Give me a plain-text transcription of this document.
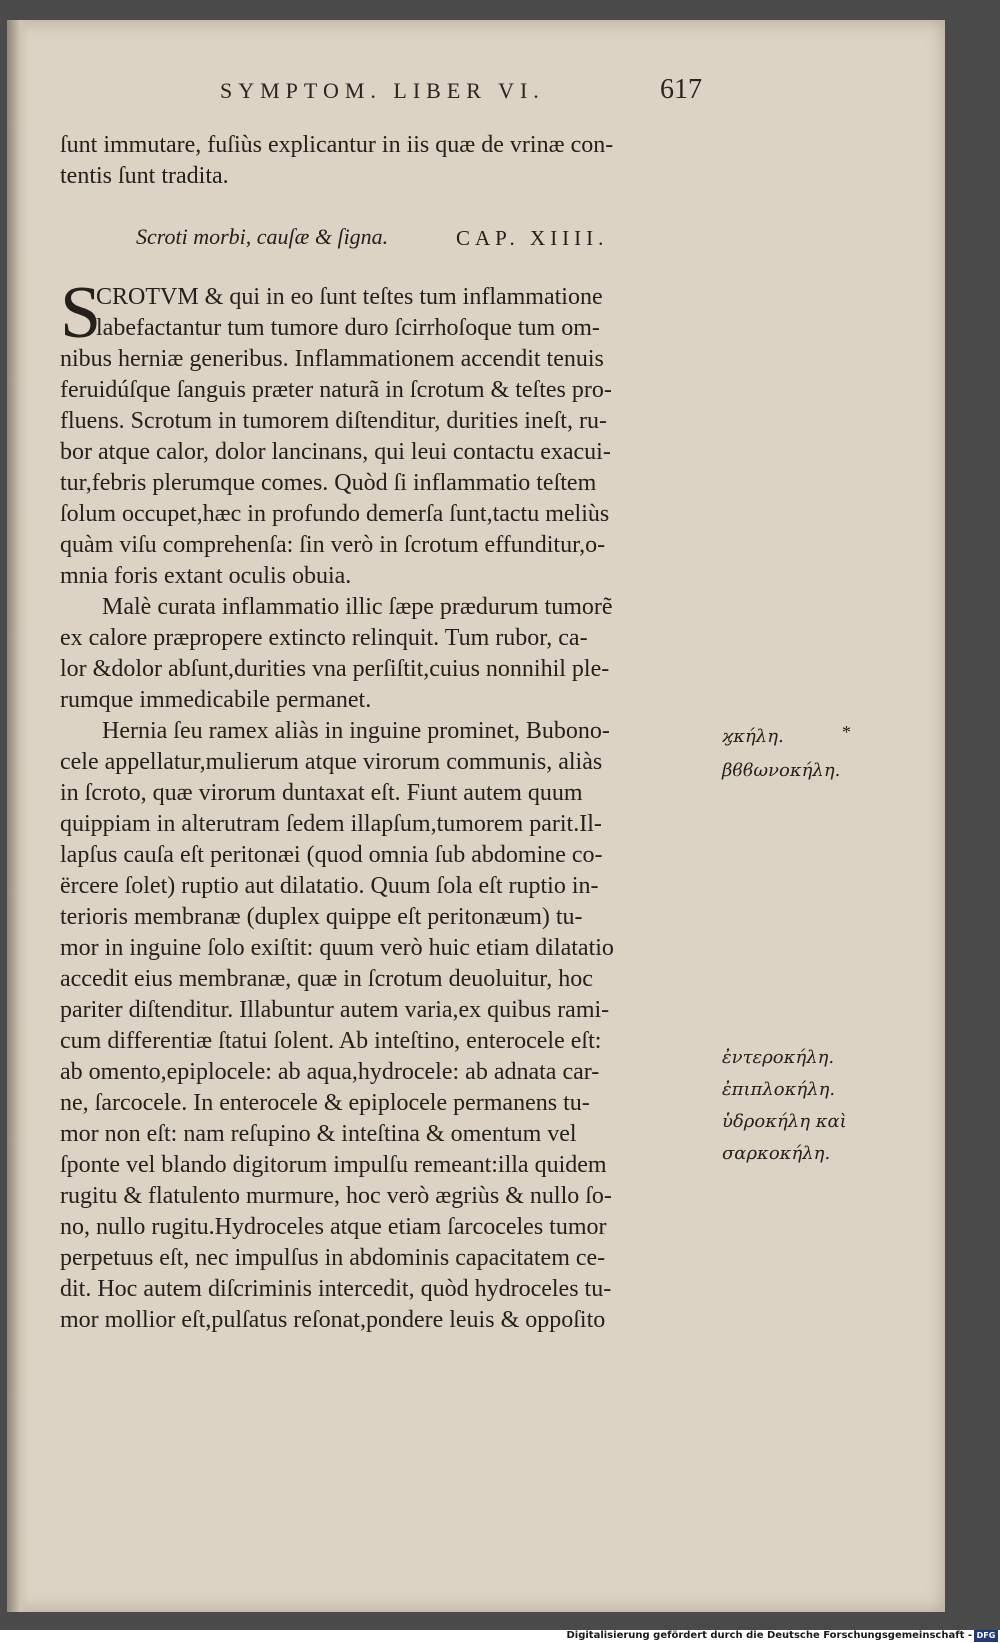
SYMPTOM. LIBER VI.	617
ſunt immutare, fuſiùs explicantur in iis quæ de vrinæ con-
tentis ſunt tradita.
Scroti morbi, cauſæ & ſigna.	CAP. XIIII.
S
CROTVM & qui in eo ſunt teſtes tum inflammatione
labefactantur tum tumore duro ſcirrhoſoque tum om-
nibus herniæ generibus. Inflammationem accendit tenuis
feruidúſque ſanguis præter naturã in ſcrotum & teſtes pro-
fluens. Scrotum in tumorem diſtenditur, durities ineſt, ru-
bor atque calor, dolor lancinans, qui leui contactu exacui-
tur,febris plerumque comes. Quòd ſi inflammatio teſtem
ſolum occupet,hæc in profundo demerſa ſunt,tactu meliùs
quàm viſu comprehenſa: ſin verò in ſcrotum effunditur,o-
mnia foris extant oculis obuia.
Malè curata inflammatio illic ſæpe prædurum tumorẽ
ex calore præpropere extincto relinquit. Tum rubor, ca-
lor &dolor abſunt,durities vna perſiſtit,cuius nonnihil ple-
rumque immedicabile permanet.
Hernia ſeu ramex aliàs in inguine prominet, Bubono-
cele appellatur,mulierum atque virorum communis, aliàs
in ſcroto, quæ virorum duntaxat eſt. Fiunt autem quum
quippiam in alterutram ſedem illapſum,tumorem parit.Il-
lapſus cauſa eſt peritonæi (quod omnia ſub abdomine co-
ërcere ſolet) ruptio aut dilatatio. Quum ſola eſt ruptio in-
terioris membranæ (duplex quippe eſt peritonæum) tu-
mor in inguine ſolo exiſtit: quum verò huic etiam dilatatio
accedit eius membranæ, quæ in ſcrotum deuoluitur, hoc
pariter diſtenditur. Illabuntur autem varia,ex quibus rami-
cum differentiæ ſtatui ſolent. Ab inteſtino, enterocele eſt:
ab omento,epiplocele: ab aqua,hydrocele: ab adnata car-
ne, ſarcocele. In enterocele & epiplocele permanens tu-
mor non eſt: nam reſupino & inteſtina & omentum vel
ſponte vel blando digitorum impulſu remeant:illa quidem
rugitu & flatulento murmure, hoc verò ægriùs & nullo ſo-
no, nullo rugitu.Hydroceles atque etiam ſarcoceles tumor
perpetuus eſt, nec impulſus in abdominis capacitatem ce-
dit. Hoc autem diſcriminis intercedit, quòd hydroceles tu-
mor mollior eſt,pulſatus reſonat,pondere leuis & oppoſito
ϗκήλη.
βϐϐωνοκήλη.
ἐντεροκήλη.
ἐπιπλοκήλη.
ὑδροκήλη καὶ
σαρκοκήλη.
*
Digitalisierung gefördert durch die Deutsche Forschungsgemeinschaft - DFG
